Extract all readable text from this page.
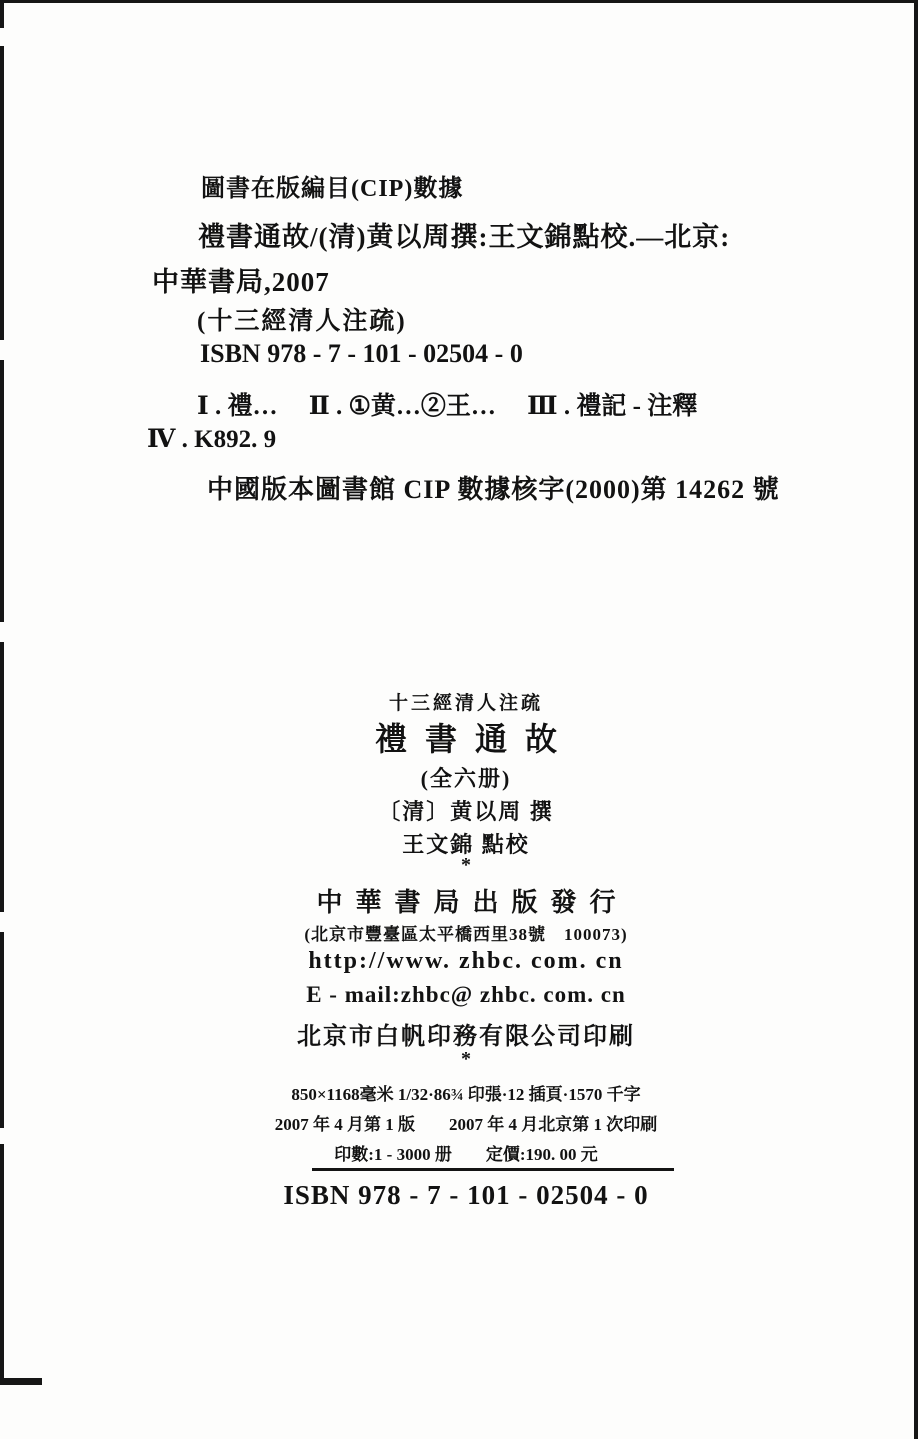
圖書在版編目(CIP)數據
禮書通故/(清)黄以周撰:王文錦點校.—北京:
中華書局,2007
(十三經清人注疏)
ISBN 978 - 7 - 101 - 02504 - 0
Ⅰ . 禮…　 Ⅱ . ①黄…②王…　 Ⅲ . 禮記 - 注釋
Ⅳ . K892. 9
中國版本圖書館 CIP 數據核字(2000)第 14262 號
十三經清人注疏
禮書通故
(全六册)
〔清〕黄以周 撰
王文錦 點校
*
中華書局出版發行
(北京市豐臺區太平橋西里38號　100073)
http://www. zhbc. com. cn
E - mail:zhbc@ zhbc. com. cn
北京市白帆印務有限公司印刷
*
850×1168毫米 1/32·86¾ 印張·12 插頁·1570 千字
2007 年 4 月第 1 版　　2007 年 4 月北京第 1 次印刷
印數:1 - 3000 册　　定價:190. 00 元
ISBN 978 - 7 - 101 - 02504 - 0
